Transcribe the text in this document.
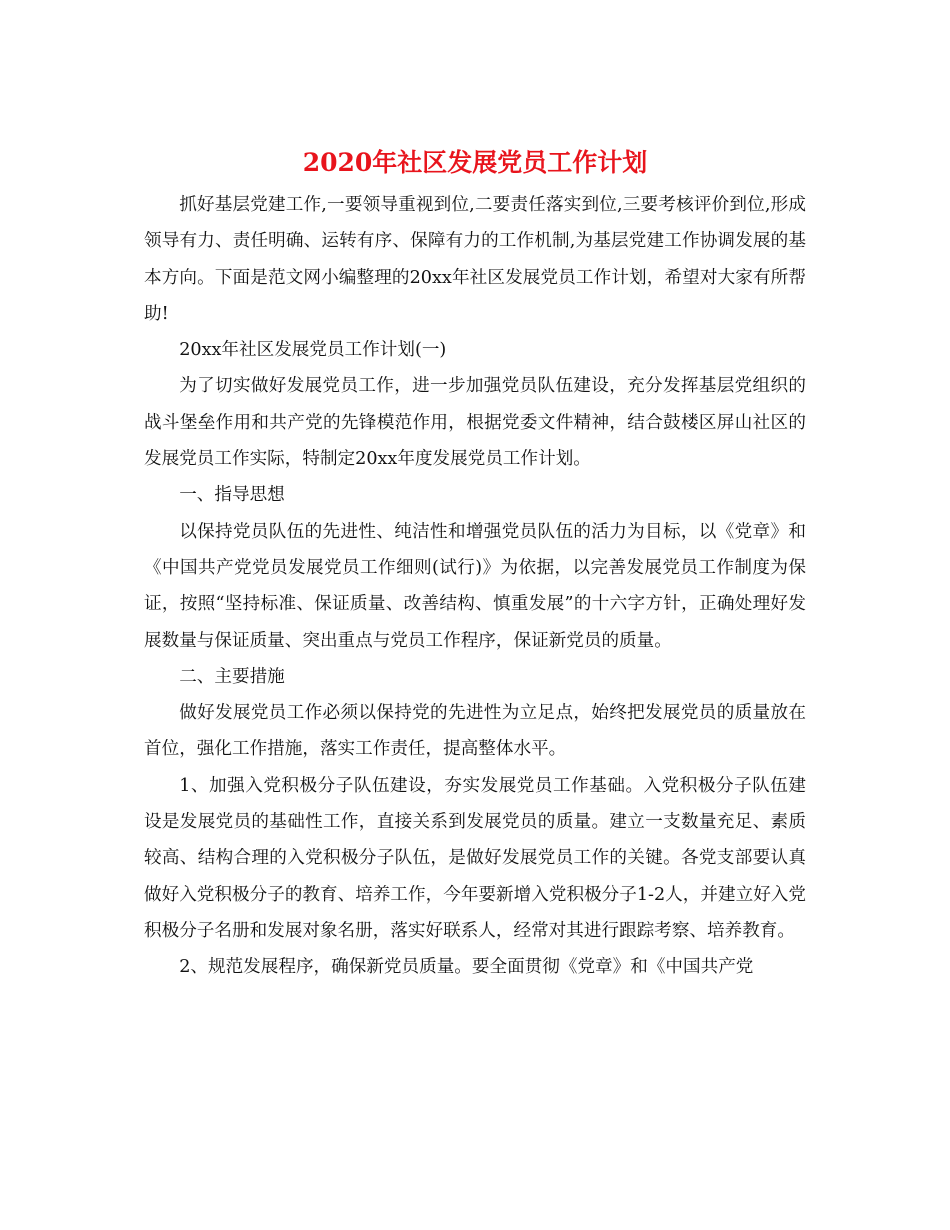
2020年社区发展党员工作计划

抓好基层党建工作,一要领导重视到位,二要责任落实到位,三要考核评价到位,形成领导有力、责任明确、运转有序、保障有力的工作机制,为基层党建工作协调发展的基本方向。下面是范文网小编整理的20xx年社区发展党员工作计划，希望对大家有所帮助!

20xx年社区发展党员工作计划(一)

为了切实做好发展党员工作，进一步加强党员队伍建设，充分发挥基层党组织的战斗堡垒作用和共产党的先锋模范作用，根据党委文件精神，结合鼓楼区屏山社区的发展党员工作实际，特制定20xx年度发展党员工作计划。

一、指导思想

以保持党员队伍的先进性、纯洁性和增强党员队伍的活力为目标，以《党章》和《中国共产党党员发展党员工作细则(试行)》为依据，以完善发展党员工作制度为保证，按照“坚持标准、保证质量、改善结构、慎重发展”的十六字方针，正确处理好发展数量与保证质量、突出重点与党员工作程序，保证新党员的质量。

二、主要措施

做好发展党员工作必须以保持党的先进性为立足点，始终把发展党员的质量放在首位，强化工作措施，落实工作责任，提高整体水平。

1、加强入党积极分子队伍建设，夯实发展党员工作基础。入党积极分子队伍建设是发展党员的基础性工作，直接关系到发展党员的质量。建立一支数量充足、素质较高、结构合理的入党积极分子队伍，是做好发展党员工作的关键。各党支部要认真做好入党积极分子的教育、培养工作，今年要新增入党积极分子1-2人，并建立好入党积极分子名册和发展对象名册，落实好联系人，经常对其进行跟踪考察、培养教育。

2、规范发展程序，确保新党员质量。要全面贯彻《党章》和《中国共产党
